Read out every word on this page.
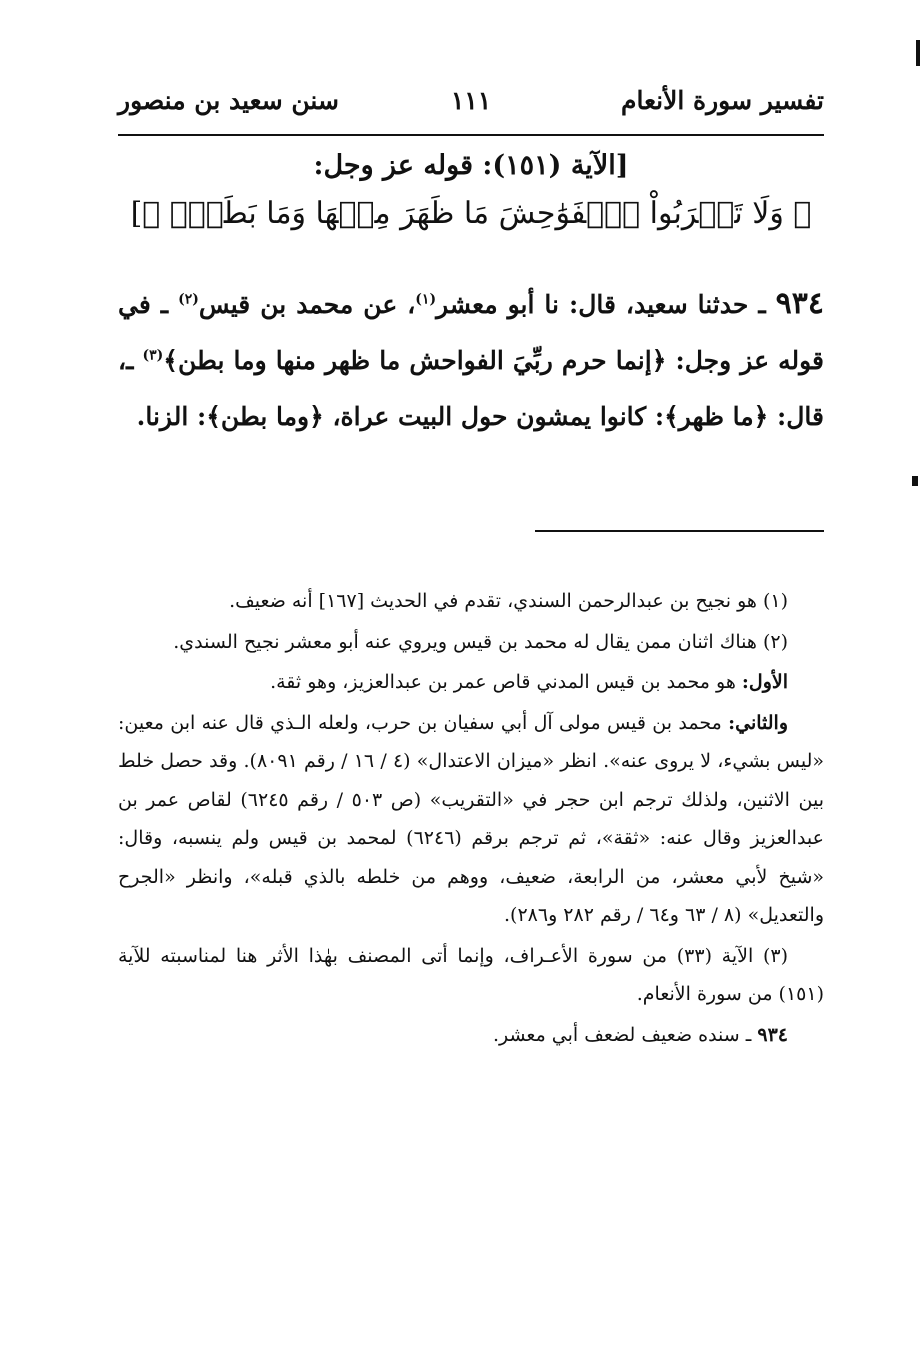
تفسير سورة الأنعام
١١١
سنن سعيد بن منصور
[الآية (١٥١): قوله عز وجل:
﴿ وَلَا تَقۡرَبُواْ ٱلۡفَوَٰحِشَ مَا ظَهَرَ مِنۡهَا وَمَا بَطَنَۖ ﴾]
٩٣٤ ـ حدثنا سعيد، قال: نا أبو معشر$^{(١)}$، عن محمد بن قيس$^{(٢)}$ ـ في قوله عز وجل: ﴿إنما حرم ربِّيَ الفواحش ما ظهر منها وما بطن﴾$^{(٣)}$ ـ، قال: ﴿ما ظهر﴾: كانوا يمشون حول البيت عراة، ﴿وما بطن﴾: الزنا.

(١) هو نجيح بن عبدالرحمن السندي، تقدم في الحديث [١٦٧] أنه ضعيف.

(٢) هناك اثنان ممن يقال له محمد بن قيس ويروي عنه أبو معشر نجيح السندي.

الأول: هو محمد بن قيس المدني قاص عمر بن عبدالعزيز، وهو ثقة.

والثاني: محمد بن قيس مولى آل أبي سفيان بن حرب، ولعله الـذي قال عنه ابن معين: «ليس بشيء، لا يروى عنه». انظر «ميزان الاعتدال» (٤ / ١٦ / رقم ٨٠٩١). وقد حصل خلط بين الاثنين، ولذلك ترجم ابن حجر في «التقريب» (ص ٥٠٣ / رقم ٦٢٤٥) لقاص عمر بن عبدالعزيز وقال عنه: «ثقة»، ثم ترجم برقم (٦٢٤٦) لمحمد بن قيس ولم ينسبه، وقال: «شيخ لأبي معشر، من الرابعة، ضعيف، ووهم من خلطه بالذي قبله»، وانظر «الجرح والتعديل» (٨ / ٦٣ و٦٤ / رقم ٢٨٢ و٢٨٦).

(٣) الآية (٣٣) من سورة الأعـراف، وإنما أتى المصنف بهٰذا الأثر هنا لمناسبته للآية (١٥١) من سورة الأنعام.

٩٣٤ ـ سنده ضعيف لضعف أبي معشر.
